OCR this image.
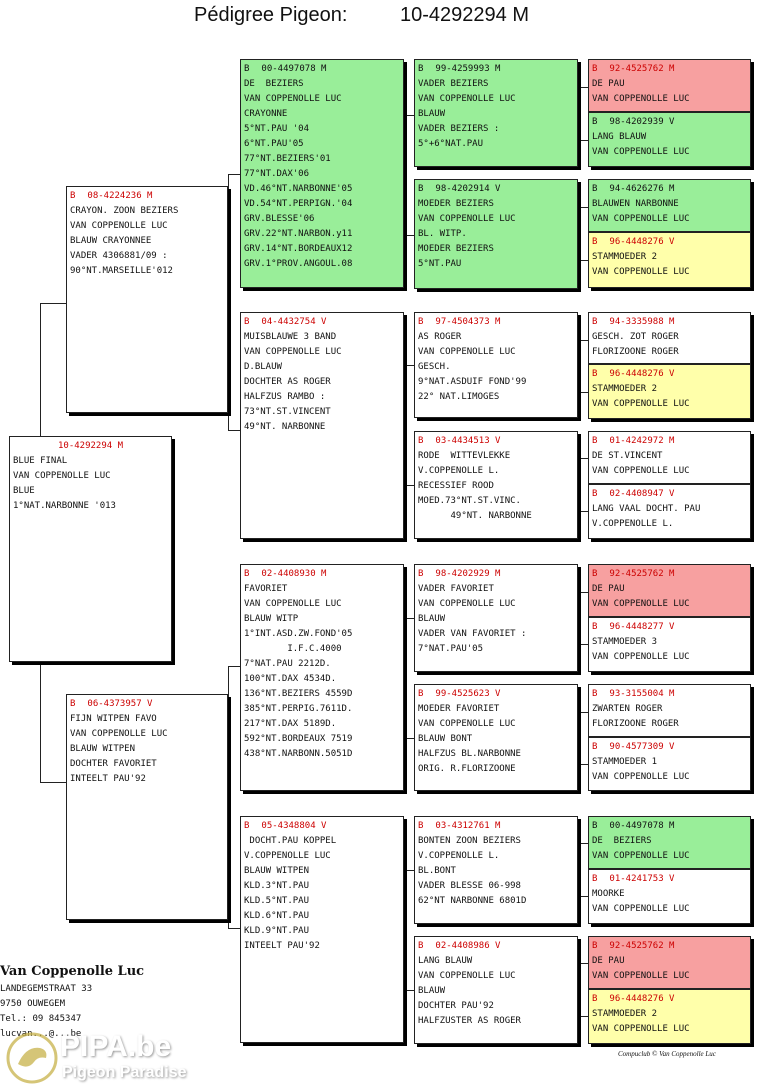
Pédigree Pigeon:	10-4292294 M
10-4292294 M
BLUE FINAL
VAN COPPENOLLE LUC
BLUE
1°NAT.NARBONNE '013
B 08-4224236 M
CRAYON. ZOON BEZIERS
VAN COPPENOLLE LUC
BLAUW CRAYONNEE
VADER 4306881/09 :
90°NT.MARSEILLE'012
B 06-4373957 V
FIJN WITPEN FAVO
VAN COPPENOLLE LUC
BLAUW WITPEN
DOCHTER FAVORIET
INTEELT PAU'92
B 00-4497078 M
DE  BEZIERS
VAN COPPENOLLE LUC
CRAYONNE
5°NT.PAU '04
6°NT.PAU'05
77°NT.BEZIERS'01
77°NT.DAX'06
VD.46°NT.NARBONNE'05
VD.54°NT.PERPIGN.'04
GRV.BLESSE'06
GRV.22°NT.NARBON.y11
GRV.14°NT.BORDEAUX12
GRV.1°PROV.ANGOUL.08
B 04-4432754 V
MUISBLAUWE 3 BAND
VAN COPPENOLLE LUC
D.BLAUW
DOCHTER AS ROGER
HALFZUS RAMBO :
73°NT.ST.VINCENT
49°NT. NARBONNE
B 02-4408930 M
FAVORIET
VAN COPPENOLLE LUC
BLAUW WITP
1°INT.ASD.ZW.FOND'05
I.F.C.4000
7°NAT.PAU 2212D.
100°NT.DAX 4534D.
136°NT.BEZIERS 4559D
385°NT.PERPIG.7611D.
217°NT.DAX 5189D.
592°NT.BORDEAUX 7519
438°NT.NARBONN.5051D
B 05-4348804 V
DOCHT.PAU KOPPEL
V.COPPENOLLE LUC
BLAUW WITPEN
KLD.3°NT.PAU
KLD.5°NT.PAU
KLD.6°NT.PAU
KLD.9°NT.PAU
INTEELT PAU'92
B 99-4259993 M
VADER BEZIERS
VAN COPPENOLLE LUC
BLAUW
VADER BEZIERS :
5°+6°NAT.PAU
B 98-4202914 V
MOEDER BEZIERS
VAN COPPENOLLE LUC
BL. WITP.
MOEDER BEZIERS
5°NT.PAU
B 97-4504373 M
AS ROGER
VAN COPPENOLLE LUC
GESCH.
9°NAT.ASDUIF FOND'99
22° NAT.LIMOGES
B 03-4434513 V
RODE  WITTEVLEKKE
V.COPPENOLLE L.
RECESSIEF ROOD
MOED.73°NT.ST.VINC.
49°NT. NARBONNE
B 98-4202929 M
VADER FAVORIET
VAN COPPENOLLE LUC
BLAUW
VADER VAN FAVORIET :
7°NAT.PAU'05
B 99-4525623 V
MOEDER FAVORIET
VAN COPPENOLLE LUC
BLAUW BONT
HALFZUS BL.NARBONNE
ORIG. R.FLORIZOONE
B 03-4312761 M
BONTEN ZOON BEZIERS
V.COPPENOLLE L.
BL.BONT
VADER BLESSE 06-998
62°NT NARBONNE 6801D
B 02-4408986 V
LANG BLAUW
VAN COPPENOLLE LUC
BLAUW
DOCHTER PAU'92
HALFZUSTER AS ROGER
B 92-4525762 M
DE PAU
VAN COPPENOLLE LUC
B 98-4202939 V
LANG BLAUW
VAN COPPENOLLE LUC
B 94-4626276 M
BLAUWEN NARBONNE
VAN COPPENOLLE LUC
B 96-4448276 V
STAMMOEDER 2
VAN COPPENOLLE LUC
B 94-3335988 M
GESCH. ZOT ROGER
FLORIZOONE ROGER
B 96-4448276 V
STAMMOEDER 2
VAN COPPENOLLE LUC
B 01-4242972 M
DE ST.VINCENT
VAN COPPENOLLE LUC
B 02-4408947 V
LANG VAAL DOCHT. PAU
V.COPPENOLLE L.
B 92-4525762 M
DE PAU
VAN COPPENOLLE LUC
B 96-4448277 V
STAMMOEDER 3
VAN COPPENOLLE LUC
B 93-3155004 M
ZWARTEN ROGER
FLORIZOONE ROGER
B 90-4577309 V
STAMMOEDER 1
VAN COPPENOLLE LUC
B 00-4497078 M
DE  BEZIERS
VAN COPPENOLLE LUC
B 01-4241753 V
MOORKE
VAN COPPENOLLE LUC
B 92-4525762 M
DE PAU
VAN COPPENOLLE LUC
B 96-4448276 V
STAMMOEDER 2
VAN COPPENOLLE LUC
Van Coppenolle Luc
LANDEGEMSTRAAT 33
9750 OUWEGEM
Tel.: 09 845347
lucvan...@...be
PIPA.be
Pigeon Paradise
Compuclub © Van Coppenolle Luc
